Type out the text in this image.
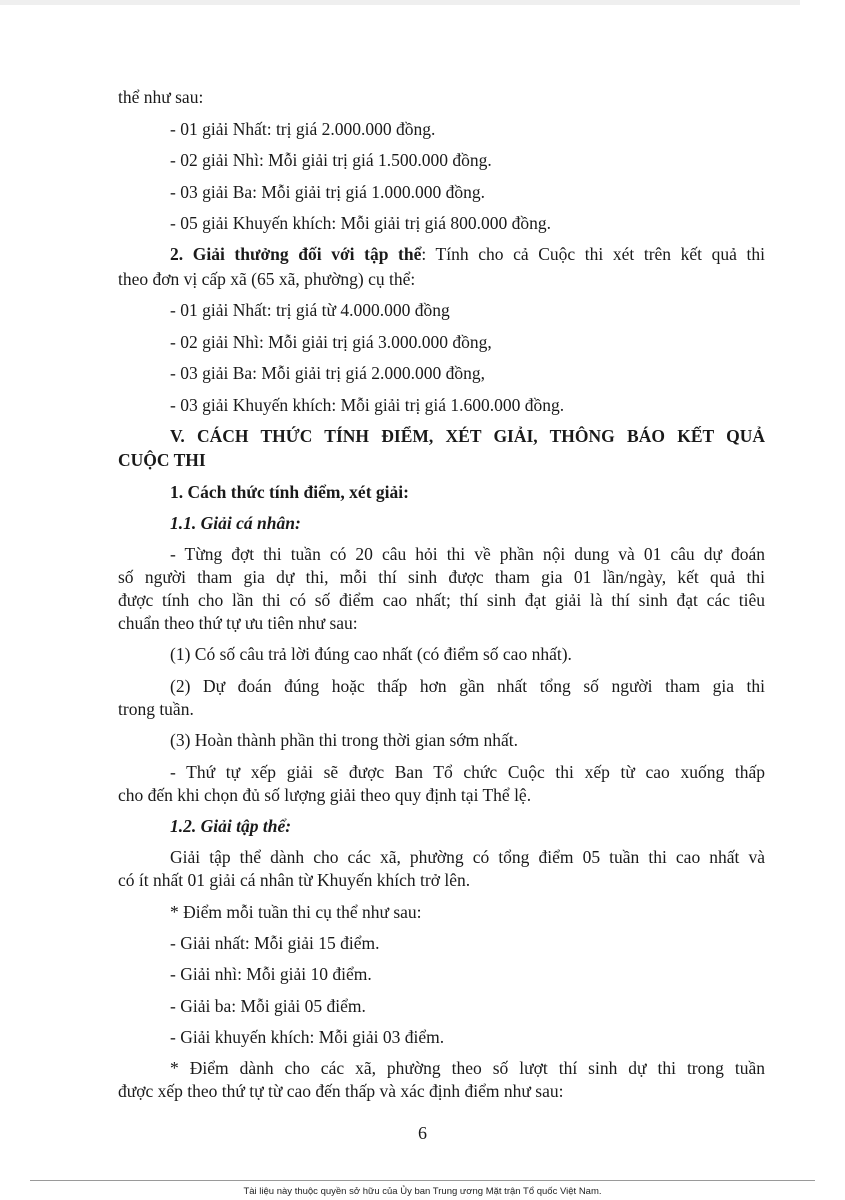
thể như sau:
- 01 giải Nhất: trị giá 2.000.000 đồng.
- 02 giải Nhì: Mỗi giải trị giá 1.500.000 đồng.
- 03 giải Ba: Mỗi giải trị giá 1.000.000 đồng.
- 05 giải Khuyến khích: Mỗi giải trị giá 800.000 đồng.
2. Giải thưởng đối với tập thể: Tính cho cả Cuộc thi xét trên kết quả thi
theo đơn vị cấp xã (65 xã, phường) cụ thể:
- 01 giải Nhất: trị giá từ 4.000.000 đồng
- 02 giải Nhì: Mỗi giải trị giá 3.000.000 đồng,
- 03 giải Ba: Mỗi giải trị giá 2.000.000 đồng,
- 03 giải Khuyến khích: Mỗi giải trị giá 1.600.000 đồng.
V. CÁCH THỨC TÍNH ĐIỂM, XÉT GIẢI, THÔNG BÁO KẾT QUẢ
CUỘC THI
1. Cách thức tính điểm, xét giải:
1.1. Giải cá nhân:
- Từng đợt thi tuần có 20 câu hỏi thi về phần nội dung và 01 câu dự đoán
số người tham gia dự thi, mỗi thí sinh được tham gia 01 lần/ngày, kết quả thi
được tính cho lần thi có số điểm cao nhất; thí sinh đạt giải là thí sinh đạt các tiêu
chuẩn theo thứ tự ưu tiên như sau:
(1) Có số câu trả lời đúng cao nhất (có điểm số cao nhất).
(2) Dự đoán đúng hoặc thấp hơn gần nhất tổng số người tham gia thi
trong tuần.
(3) Hoàn thành phần thi trong thời gian sớm nhất.
- Thứ tự xếp giải sẽ được Ban Tổ chức Cuộc thi xếp từ cao xuống thấp
cho đến khi chọn đủ số lượng giải theo quy định tại Thể lệ.
1.2. Giải tập thể:
Giải tập thể dành cho các xã, phường có tổng điểm 05 tuần thi cao nhất và
có ít nhất 01 giải cá nhân từ Khuyến khích trở lên.
* Điểm mỗi tuần thi cụ thể như sau:
- Giải nhất: Mỗi giải 15 điểm.
- Giải nhì: Mỗi giải 10 điểm.
- Giải ba: Mỗi giải 05 điểm.
- Giải khuyến khích: Mỗi giải 03 điểm.
* Điểm dành cho các xã, phường theo số lượt thí sinh dự thi trong tuần
được xếp theo thứ tự từ cao đến thấp và xác định điểm như sau:
6
Tài liệu này thuộc quyền sở hữu của Ủy ban Trung ương Mặt trận Tổ quốc Việt Nam.
